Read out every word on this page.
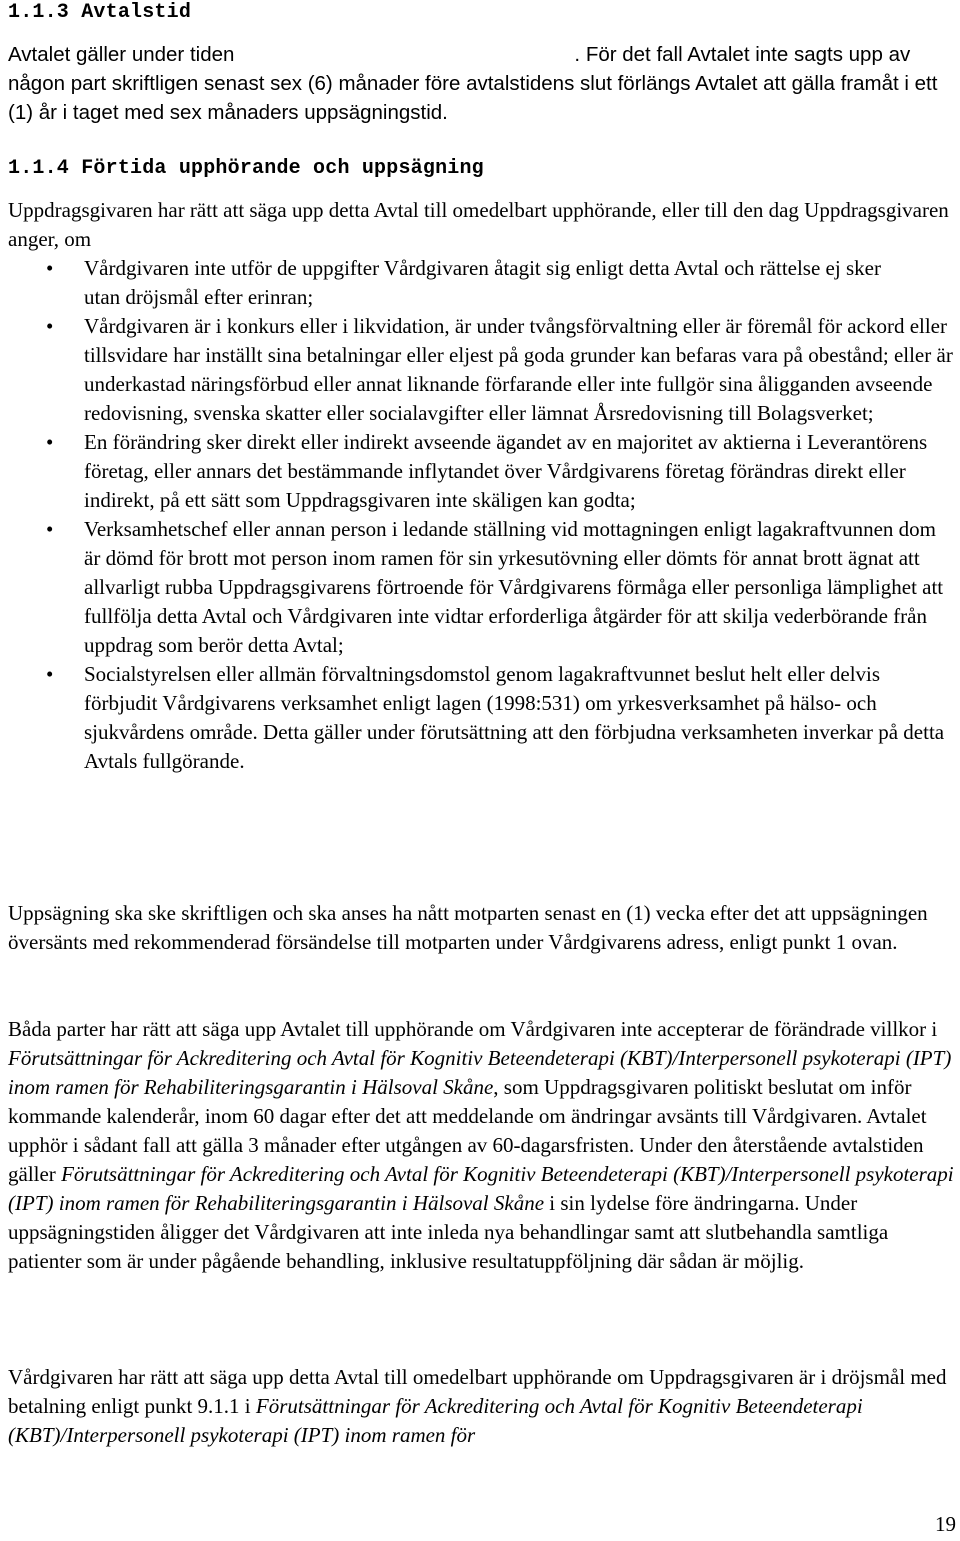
1.1.3 Avtalstid

Avtalet gäller under tiden	. För det fall Avtalet inte sagts upp av någon part skriftligen senast sex (6) månader före avtalstidens slut förlängs Avtalet att gälla framåt i ett (1) år i taget med sex månaders uppsägningstid.

1.1.4 Förtida upphörande och uppsägning

Uppdragsgivaren har rätt att säga upp detta Avtal till omedelbart upphörande, eller till den dag Uppdragsgivaren anger, om

• Vårdgivaren inte utför de uppgifter Vårdgivaren åtagit sig enligt detta Avtal och rättelse ej sker utan dröjsmål efter erinran;
• Vårdgivaren är i konkurs eller i likvidation, är under tvångsförvaltning eller är föremål för ackord eller tillsvidare har inställt sina betalningar eller eljest på goda grunder kan befaras vara på obestånd; eller är underkastad näringsförbud eller annat liknande förfarande eller inte fullgör sina åligganden avseende redovisning, svenska skatter eller socialavgifter eller lämnat Årsredovisning till Bolagsverket;
• En förändring sker direkt eller indirekt avseende ägandet av en majoritet av aktierna i Leverantörens företag, eller annars det bestämmande inflytandet över Vårdgivarens företag förändras direkt eller indirekt, på ett sätt som Uppdragsgivaren inte skäligen kan godta;
• Verksamhetschef eller annan person i ledande ställning vid mottagningen enligt lagakraftvunnen dom är dömd för brott mot person inom ramen för sin yrkesutövning eller dömts för annat brott ägnat att allvarligt rubba Uppdragsgivarens förtroende för Vårdgivarens förmåga eller personliga lämplighet att fullfölja detta Avtal och Vårdgivaren inte vidtar erforderliga åtgärder för att skilja vederbörande från uppdrag som berör detta Avtal;
• Socialstyrelsen eller allmän förvaltningsdomstol genom lagakraftvunnet beslut helt eller delvis förbjudit Vårdgivarens verksamhet enligt lagen (1998:531) om yrkesverksamhet på hälso- och sjukvårdens område. Detta gäller under förutsättning att den förbjudna verksamheten inverkar på detta Avtals fullgörande.

Uppsägning ska ske skriftligen och ska anses ha nått motparten senast en (1) vecka efter det att uppsägningen översänts med rekommenderad försändelse till motparten under Vårdgivarens adress, enligt punkt 1 ovan.

Båda parter har rätt att säga upp Avtalet till upphörande om Vårdgivaren inte accepterar de förändrade villkor i Förutsättningar för Ackreditering och Avtal för Kognitiv Beteendeterapi (KBT)/Interpersonell psykoterapi (IPT) inom ramen för Rehabiliteringsgarantin i Hälsoval Skåne, som Uppdragsgivaren politiskt beslutat om inför kommande kalenderår, inom 60 dagar efter det att meddelande om ändringar avsänts till Vårdgivaren. Avtalet upphör i sådant fall att gälla 3 månader efter utgången av 60-dagarsfristen. Under den återstående avtalstiden gäller Förutsättningar för Ackreditering och Avtal för Kognitiv Beteendeterapi (KBT)/Interpersonell psykoterapi (IPT) inom ramen för Rehabiliteringsgarantin i Hälsoval Skåne i sin lydelse före ändringarna. Under uppsägningstiden åligger det Vårdgivaren att inte inleda nya behandlingar samt att slutbehandla samtliga patienter som är under pågående behandling, inklusive resultatuppföljning där sådan är möjlig.

Vårdgivaren har rätt att säga upp detta Avtal till omedelbart upphörande om Uppdragsgivaren är i dröjsmål med betalning enligt punkt 9.1.1 i Förutsättningar för Ackreditering och Avtal för Kognitiv Beteendeterapi (KBT)/Interpersonell psykoterapi (IPT) inom ramen för

19
